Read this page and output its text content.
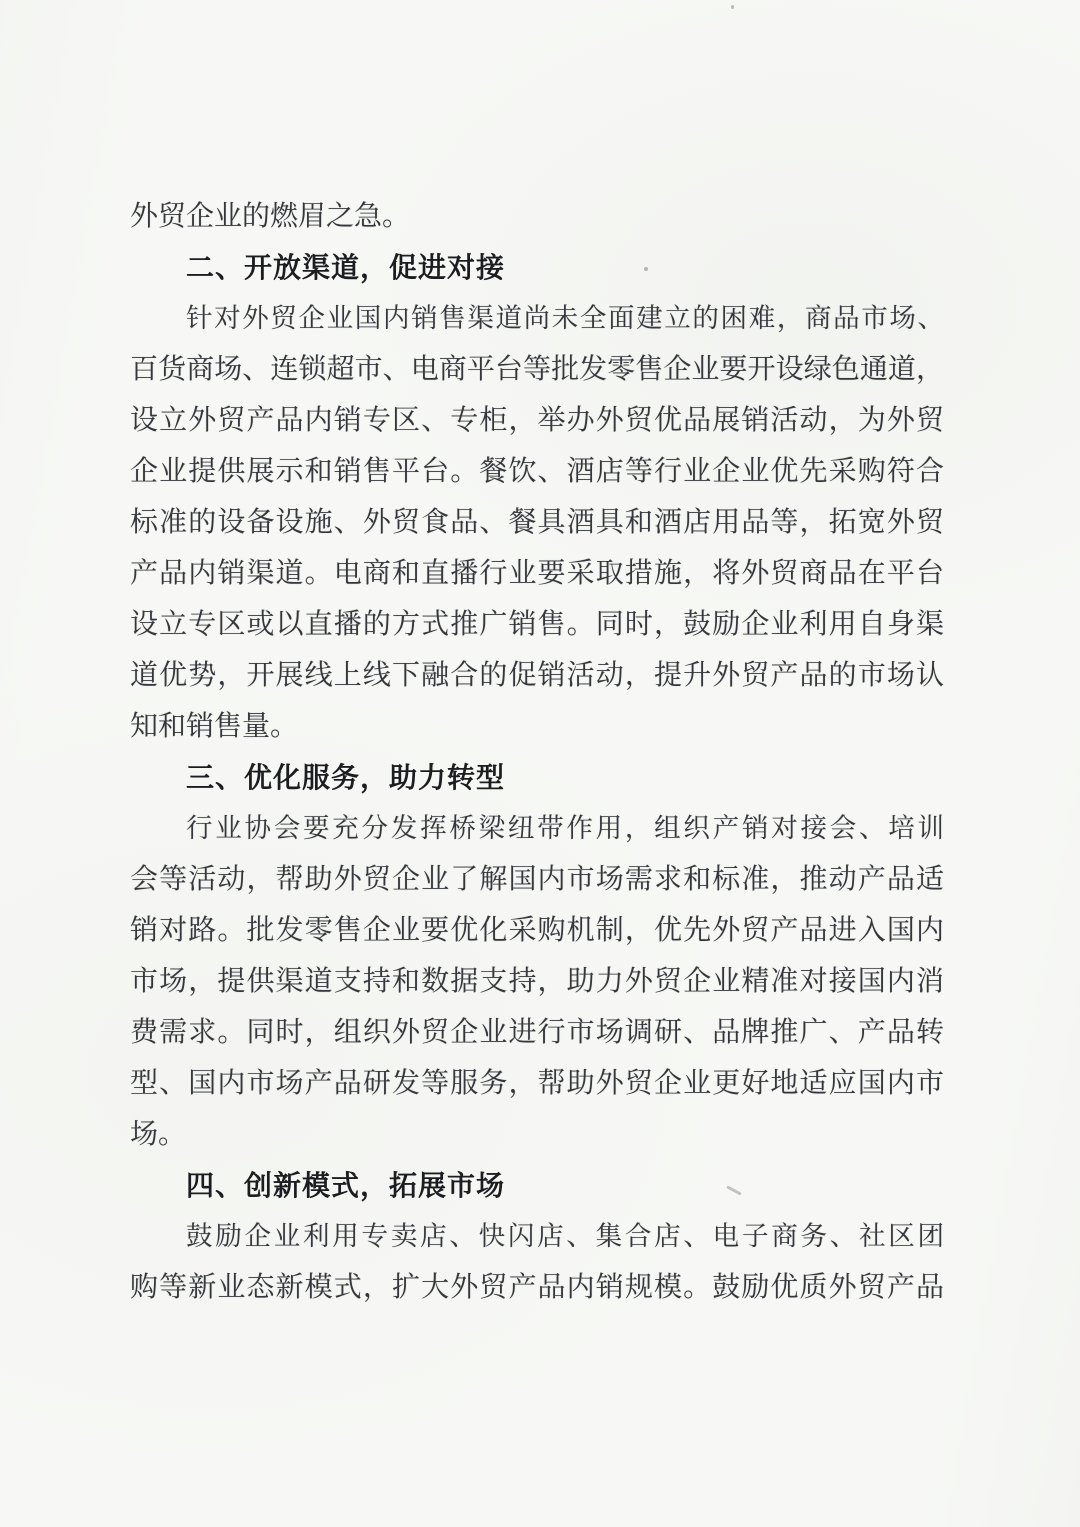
外贸企业的燃眉之急。
二、开放渠道，促进对接
针对外贸企业国内销售渠道尚未全面建立的困难，商品市场、
百货商场、连锁超市、电商平台等批发零售企业要开设绿色通道，
设立外贸产品内销专区、专柜，举办外贸优品展销活动，为外贸
企业提供展示和销售平台。餐饮、酒店等行业企业优先采购符合
标准的设备设施、外贸食品、餐具酒具和酒店用品等，拓宽外贸
产品内销渠道。电商和直播行业要采取措施，将外贸商品在平台
设立专区或以直播的方式推广销售。同时，鼓励企业利用自身渠
道优势，开展线上线下融合的促销活动，提升外贸产品的市场认
知和销售量。
三、优化服务，助力转型
行业协会要充分发挥桥梁纽带作用，组织产销对接会、培训
会等活动，帮助外贸企业了解国内市场需求和标准，推动产品适
销对路。批发零售企业要优化采购机制，优先外贸产品进入国内
市场，提供渠道支持和数据支持，助力外贸企业精准对接国内消
费需求。同时，组织外贸企业进行市场调研、品牌推广、产品转
型、国内市场产品研发等服务，帮助外贸企业更好地适应国内市
场。
四、创新模式，拓展市场
鼓励企业利用专卖店、快闪店、集合店、电子商务、社区团
购等新业态新模式，扩大外贸产品内销规模。鼓励优质外贸产品
